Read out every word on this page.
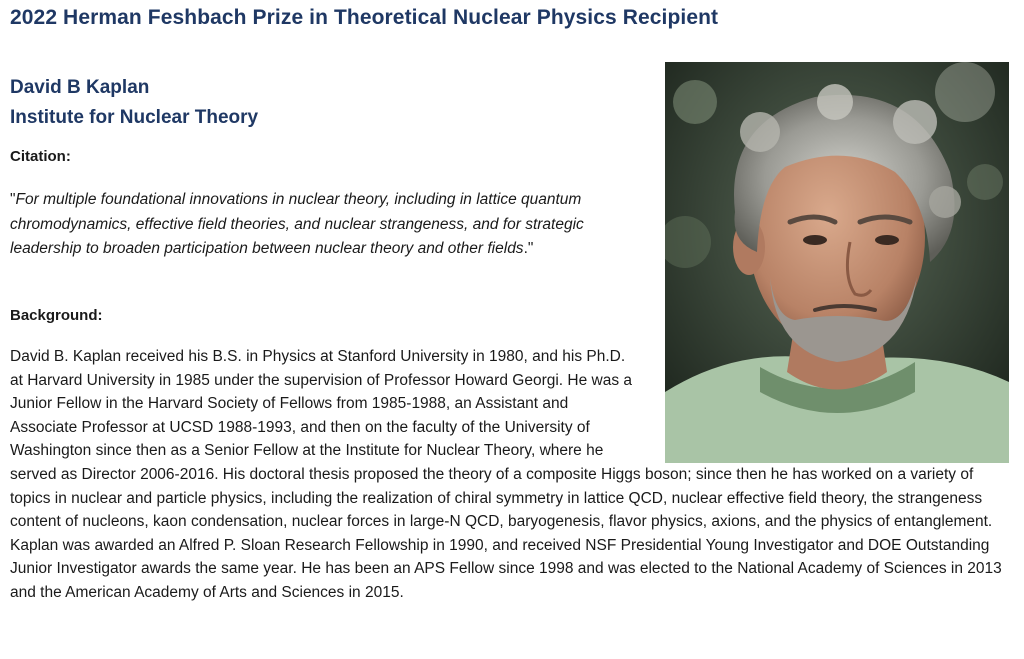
2022 Herman Feshbach Prize in Theoretical Nuclear Physics Recipient
David B Kaplan
Institute for Nuclear Theory
Citation:

"For multiple foundational innovations in nuclear theory, including in lattice quantum chromodynamics, effective field theories, and nuclear strangeness, and for strategic leadership to broaden participation between nuclear theory and other fields."

Background:

David B. Kaplan received his B.S. in Physics at Stanford University in 1980, and his Ph.D. at Harvard University in 1985 under the supervision of Professor Howard Georgi. He was a Junior Fellow in the Harvard Society of Fellows from 1985-1988, an Assistant and Associate Professor at UCSD 1988-1993, and then on the faculty of the University of Washington since then as a Senior Fellow at the Institute for Nuclear Theory, where he served as Director 2006-2016. His doctoral thesis proposed the theory of a composite Higgs boson; since then he has worked on a variety of topics in nuclear and particle physics, including the realization of chiral symmetry in lattice QCD, nuclear effective field theory, the strangeness content of nucleons, kaon condensation, nuclear forces in large-N QCD, baryogenesis, flavor physics, axions, and the physics of entanglement. Kaplan was awarded an Alfred P. Sloan Research Fellowship in 1990, and received NSF Presidential Young Investigator and DOE Outstanding Junior Investigator awards the same year. He has been an APS Fellow since 1998 and was elected to the National Academy of Sciences in 2013 and the American Academy of Arts and Sciences in 2015.
